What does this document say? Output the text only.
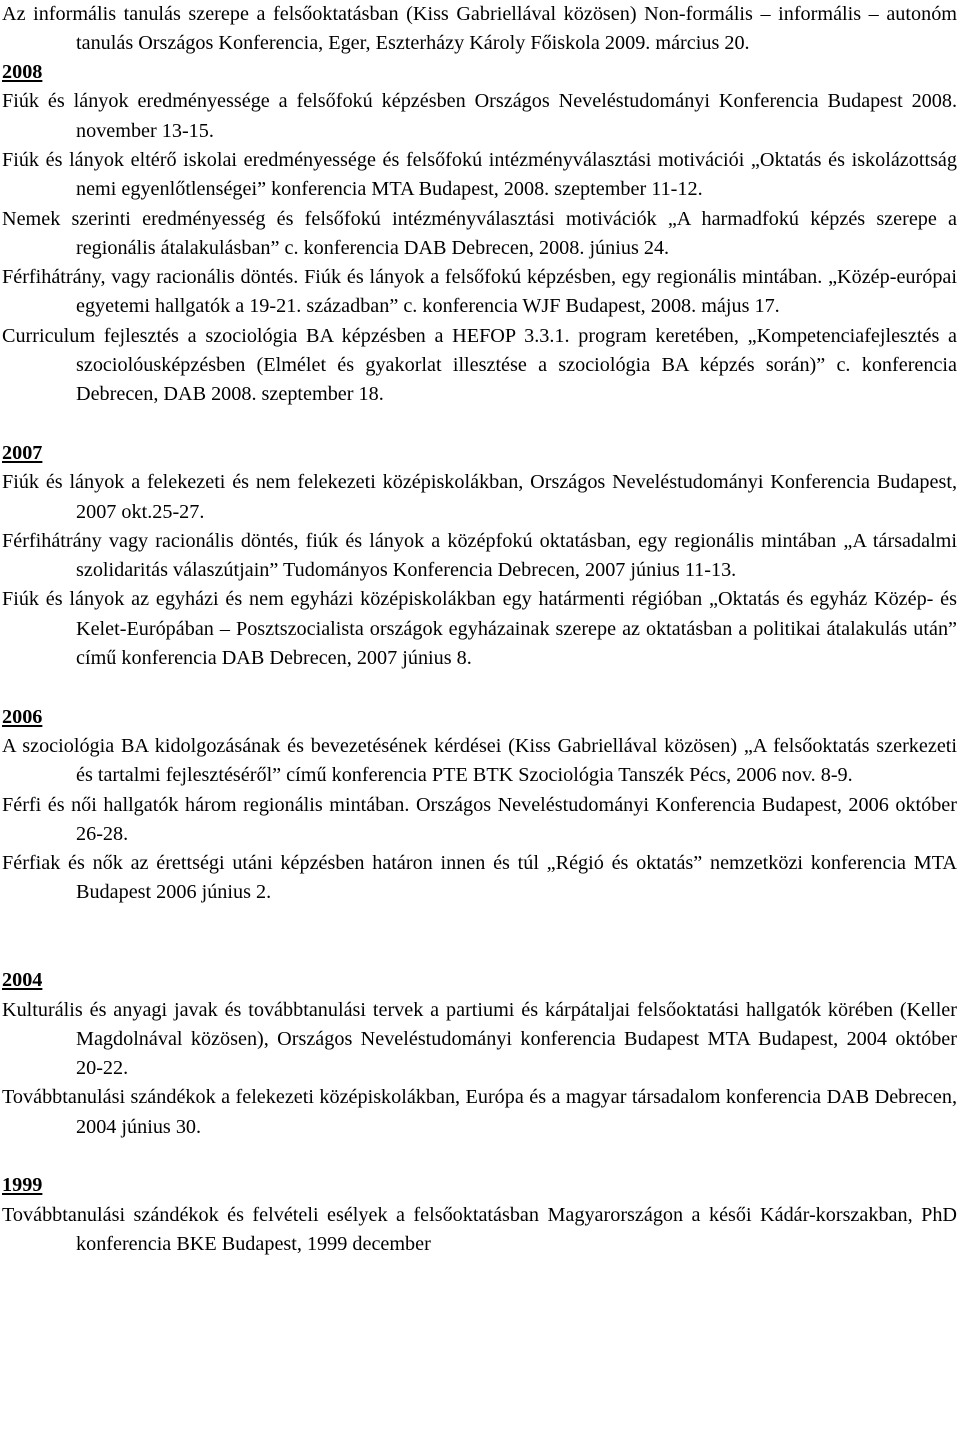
Az informális tanulás szerepe a felsőoktatásban (Kiss Gabriellával közösen) Non-formális – informális – autonóm tanulás Országos Konferencia, Eger, Eszterházy Károly Főiskola 2009. március 20.

2008

Fiúk és lányok eredményessége a felsőfokú képzésben Országos Neveléstudományi Konferencia Budapest 2008. november 13-15.

Fiúk és lányok eltérő iskolai eredményessége és felsőfokú intézményválasztási motivációi „Oktatás és iskolázottság nemi egyenlőtlenségei” konferencia MTA Budapest, 2008. szeptember 11-12.

Nemek szerinti eredményesség és felsőfokú intézményválasztási motivációk „A harmadfokú képzés szerepe a regionális átalakulásban” c. konferencia DAB Debrecen, 2008. június 24.

Férfihátrány, vagy racionális döntés. Fiúk és lányok a felsőfokú képzésben, egy regionális mintában. „Közép-európai egyetemi hallgatók a 19-21. században” c. konferencia WJF Budapest, 2008. május 17.

Curriculum fejlesztés a szociológia BA képzésben a HEFOP 3.3.1. program keretében, „Kompetenciafejlesztés a szociolóusképzésben (Elmélet és gyakorlat illesztése a szociológia BA képzés során)” c. konferencia Debrecen, DAB 2008. szeptember 18.

2007

Fiúk és lányok a felekezeti és nem felekezeti középiskolákban, Országos Neveléstudományi Konferencia Budapest, 2007 okt.25-27.

Férfihátrány vagy racionális döntés, fiúk és lányok a középfokú oktatásban, egy regionális mintában „A társadalmi szolidaritás válaszútjain” Tudományos Konferencia Debrecen, 2007 június 11-13.

Fiúk és lányok az egyházi és nem egyházi középiskolákban egy határmenti régióban „Oktatás és egyház Közép- és Kelet-Európában – Posztszocialista országok egyházainak szerepe az oktatásban a politikai átalakulás után” című konferencia DAB Debrecen, 2007 június 8.

2006

A szociológia BA kidolgozásának és bevezetésének kérdései (Kiss Gabriellával közösen) „A felsőoktatás szerkezeti és tartalmi fejlesztéséről” című konferencia PTE BTK Szociológia Tanszék Pécs, 2006 nov. 8-9.

Férfi és női hallgatók három regionális mintában. Országos Neveléstudományi Konferencia Budapest, 2006 október 26-28.

Férfiak és nők az érettségi utáni képzésben határon innen és túl „Régió és oktatás” nemzetközi konferencia MTA Budapest 2006 június 2.

2004

Kulturális és anyagi javak és továbbtanulási tervek a partiumi és kárpátaljai felsőoktatási hallgatók körében (Keller Magdolnával közösen), Országos Neveléstudományi konferencia Budapest MTA Budapest, 2004 október 20-22.

Továbbtanulási szándékok a felekezeti középiskolákban, Európa és a magyar társadalom konferencia DAB Debrecen, 2004 június 30.

1999

Továbbtanulási szándékok és felvételi esélyek a felsőoktatásban Magyarországon a késői Kádár-korszakban, PhD konferencia BKE Budapest, 1999 december
